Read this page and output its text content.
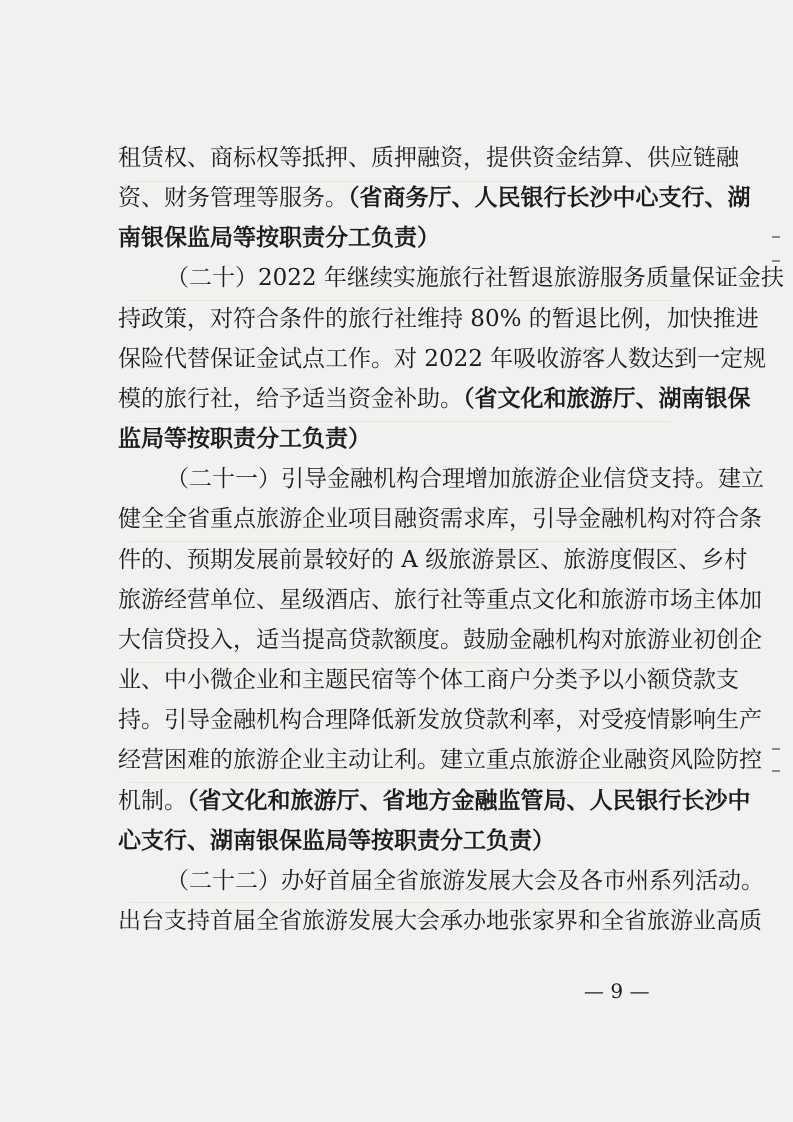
租赁权、商标权等抵押、质押融资，提供资金结算、供应链融
资、财务管理等服务。（省商务厅、人民银行长沙中心支行、湖
南银保监局等按职责分工负责）
（二十）2022 年继续实施旅行社暂退旅游服务质量保证金扶
持政策，对符合条件的旅行社维持 80% 的暂退比例，加快推进
保险代替保证金试点工作。对 2022 年吸收游客人数达到一定规
模的旅行社，给予适当资金补助。（省文化和旅游厅、湖南银保
监局等按职责分工负责）
（二十一）引导金融机构合理增加旅游企业信贷支持。建立
健全全省重点旅游企业项目融资需求库，引导金融机构对符合条
件的、预期发展前景较好的 A 级旅游景区、旅游度假区、乡村
旅游经营单位、星级酒店、旅行社等重点文化和旅游市场主体加
大信贷投入，适当提高贷款额度。鼓励金融机构对旅游业初创企
业、中小微企业和主题民宿等个体工商户分类予以小额贷款支
持。引导金融机构合理降低新发放贷款利率，对受疫情影响生产
经营困难的旅游企业主动让利。建立重点旅游企业融资风险防控
机制。（省文化和旅游厅、省地方金融监管局、人民银行长沙中
心支行、湖南银保监局等按职责分工负责）
（二十二）办好首届全省旅游发展大会及各市州系列活动。
出台支持首届全省旅游发展大会承办地张家界和全省旅游业高质
— 9 —
